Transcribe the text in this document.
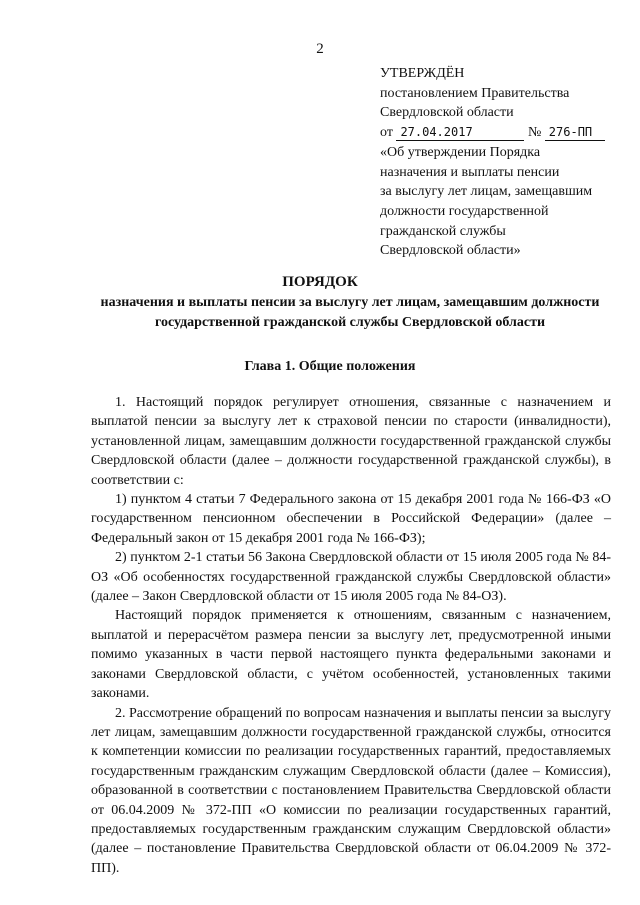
2
УТВЕРЖДЁН
постановлением Правительства
Свердловской области
от 27.04.2017	№ 276-ПП
«Об утверждении Порядка
назначения и выплаты пенсии
за выслугу лет лицам, замещавшим
должности государственной
гражданской службы
Свердловской области»
ПОРЯДОК
назначения и выплаты пенсии за выслугу лет лицам, замещавшим должности государственной гражданской службы Свердловской области
Глава 1. Общие положения

1. Настоящий порядок регулирует отношения, связанные с назначением и выплатой пенсии за выслугу лет к страховой пенсии по старости (инвалидности), установленной лицам, замещавшим должности государственной гражданской службы Свердловской области (далее – должности государственной гражданской службы), в соответствии с:

1) пунктом 4 статьи 7 Федерального закона от 15 декабря 2001 года № 166-ФЗ «О государственном пенсионном обеспечении в Российской Федерации» (далее – Федеральный закон от 15 декабря 2001 года № 166-ФЗ);

2) пунктом 2-1 статьи 56 Закона Свердловской области от 15 июля 2005 года № 84-ОЗ «Об особенностях государственной гражданской службы Свердловской области» (далее – Закон Свердловской области от 15 июля 2005 года № 84-ОЗ).

Настоящий порядок применяется к отношениям, связанным с назначением, выплатой и перерасчётом размера пенсии за выслугу лет, предусмотренной иными помимо указанных в части первой настоящего пункта федеральными законами и законами Свердловской области, с учётом особенностей, установленных такими законами.

2. Рассмотрение обращений по вопросам назначения и выплаты пенсии за выслугу лет лицам, замещавшим должности государственной гражданской службы, относится к компетенции комиссии по реализации государственных гарантий, предоставляемых государственным гражданским служащим Свердловской области (далее – Комиссия), образованной в соответствии с постановлением Правительства Свердловской области от 06.04.2009 № 372-ПП «О комиссии по реализации государственных гарантий, предоставляемых государственным гражданским служащим Свердловской области» (далее – постановление Правительства Свердловской области от 06.04.2009 № 372-ПП).
